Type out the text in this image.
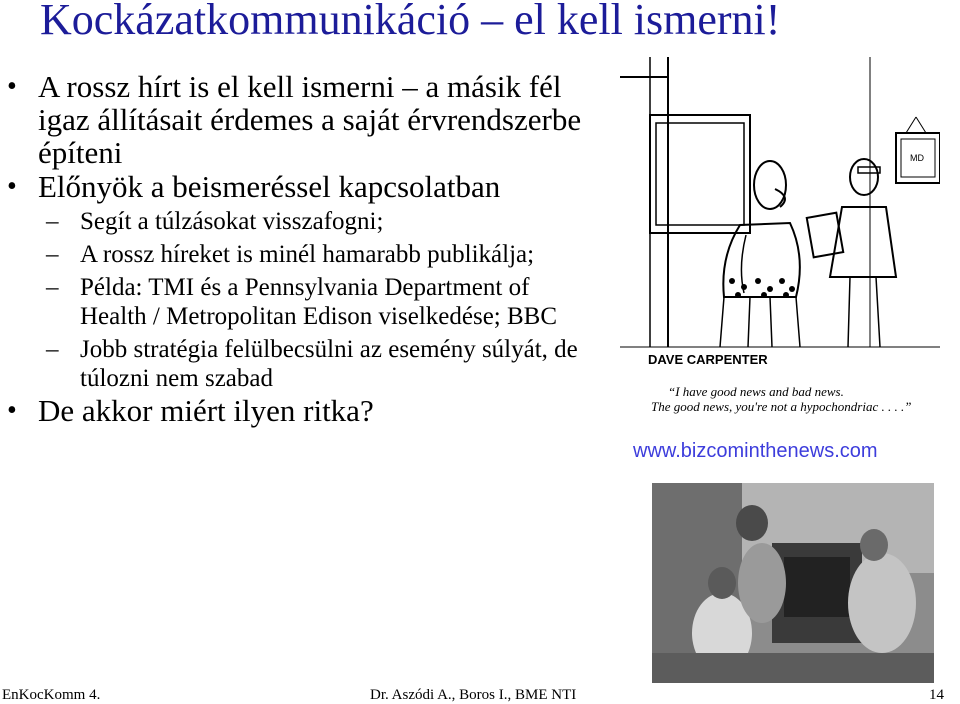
Kockázatkommunikáció – el kell ismerni!
• A rossz hírt is el kell ismerni – a másik fél igaz állításait érdemes a saját érvrendszerbe építeni
• Előnyök a beismeréssel kapcsolatban
– Segít a túlzásokat visszafogni;
– A rossz híreket is minél hamarabb publikálja;
– Példa: TMI és a Pennsylvania Department of Health / Metropolitan Edison viselkedése; BBC
– Jobb stratégia felülbecsülni az esemény súlyát, de túlozni nem szabad
• De akkor miért ilyen ritka?
MD
DAVE CARPENTER
“I have good news and bad news.
The good news, you're not a hypochondriac . . . .”
www.bizcominthenews.com
EnKocKomm 4.	Dr. Aszódi A., Boros I., BME NTI	14
